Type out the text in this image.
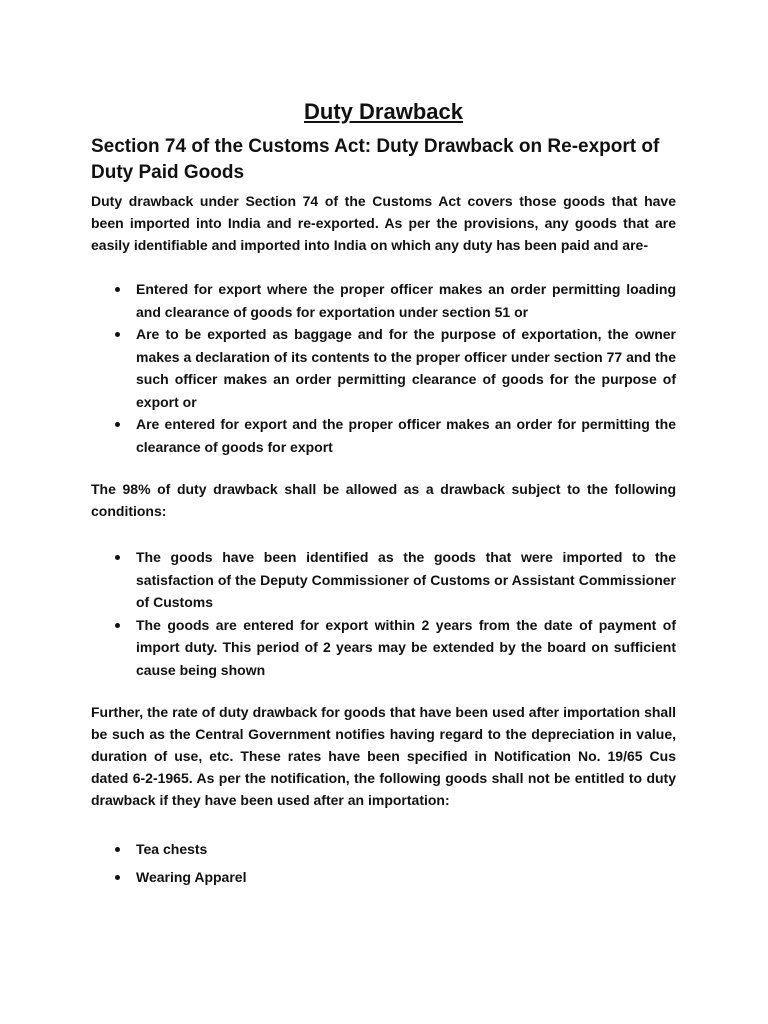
Duty Drawback
Section 74 of the Customs Act: Duty Drawback on Re-export of Duty Paid Goods

Duty drawback under Section 74 of the Customs Act covers those goods that have been imported into India and re-exported. As per the provisions, any goods that are easily identifiable and imported into India on which any duty has been paid and are-

Entered for export where the proper officer makes an order permitting loading and clearance of goods for exportation under section 51 or
Are to be exported as baggage and for the purpose of exportation, the owner makes a declaration of its contents to the proper officer under section 77 and the such officer makes an order permitting clearance of goods for the purpose of export or
Are entered for export and the proper officer makes an order for permitting the clearance of goods for export

The 98% of duty drawback shall be allowed as a drawback subject to the following conditions:

The goods have been identified as the goods that were imported to the satisfaction of the Deputy Commissioner of Customs or Assistant Commissioner of Customs
The goods are entered for export within 2 years from the date of payment of import duty. This period of 2 years may be extended by the board on sufficient cause being shown

Further, the rate of duty drawback for goods that have been used after importation shall be such as the Central Government notifies having regard to the depreciation in value, duration of use, etc. These rates have been specified in Notification No. 19/65 Cus dated 6-2-1965. As per the notification, the following goods shall not be entitled to duty drawback if they have been used after an importation:

Tea chests
Wearing Apparel
